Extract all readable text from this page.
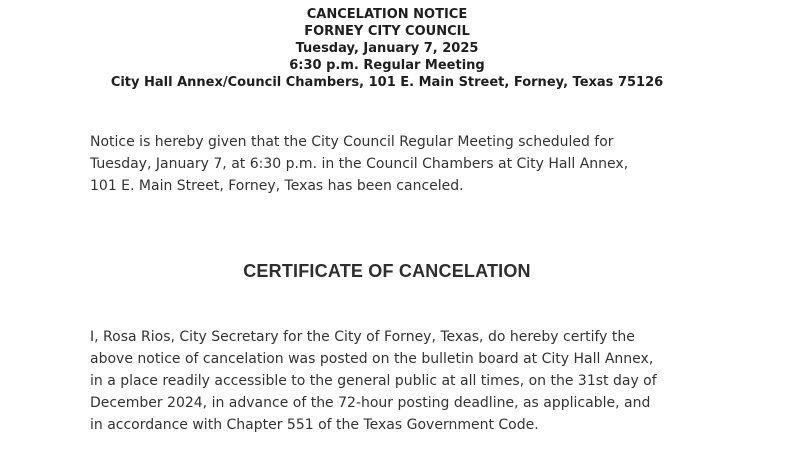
CANCELATION NOTICE
FORNEY CITY COUNCIL
Tuesday, January 7, 2025
6:30 p.m. Regular Meeting
City Hall Annex/Council Chambers, 101 E. Main Street, Forney, Texas 75126
Notice is hereby given that the City Council Regular Meeting scheduled for
Tuesday, January 7, at 6:30 p.m. in the Council Chambers at City Hall Annex,
101 E. Main Street, Forney, Texas has been canceled.
CERTIFICATE OF CANCELATION
I, Rosa Rios, City Secretary for the City of Forney, Texas, do hereby certify the
above notice of cancelation was posted on the bulletin board at City Hall Annex,
in a place readily accessible to the general public at all times, on the 31st day of
December 2024, in advance of the 72-hour posting deadline, as applicable, and
in accordance with Chapter 551 of the Texas Government Code.
